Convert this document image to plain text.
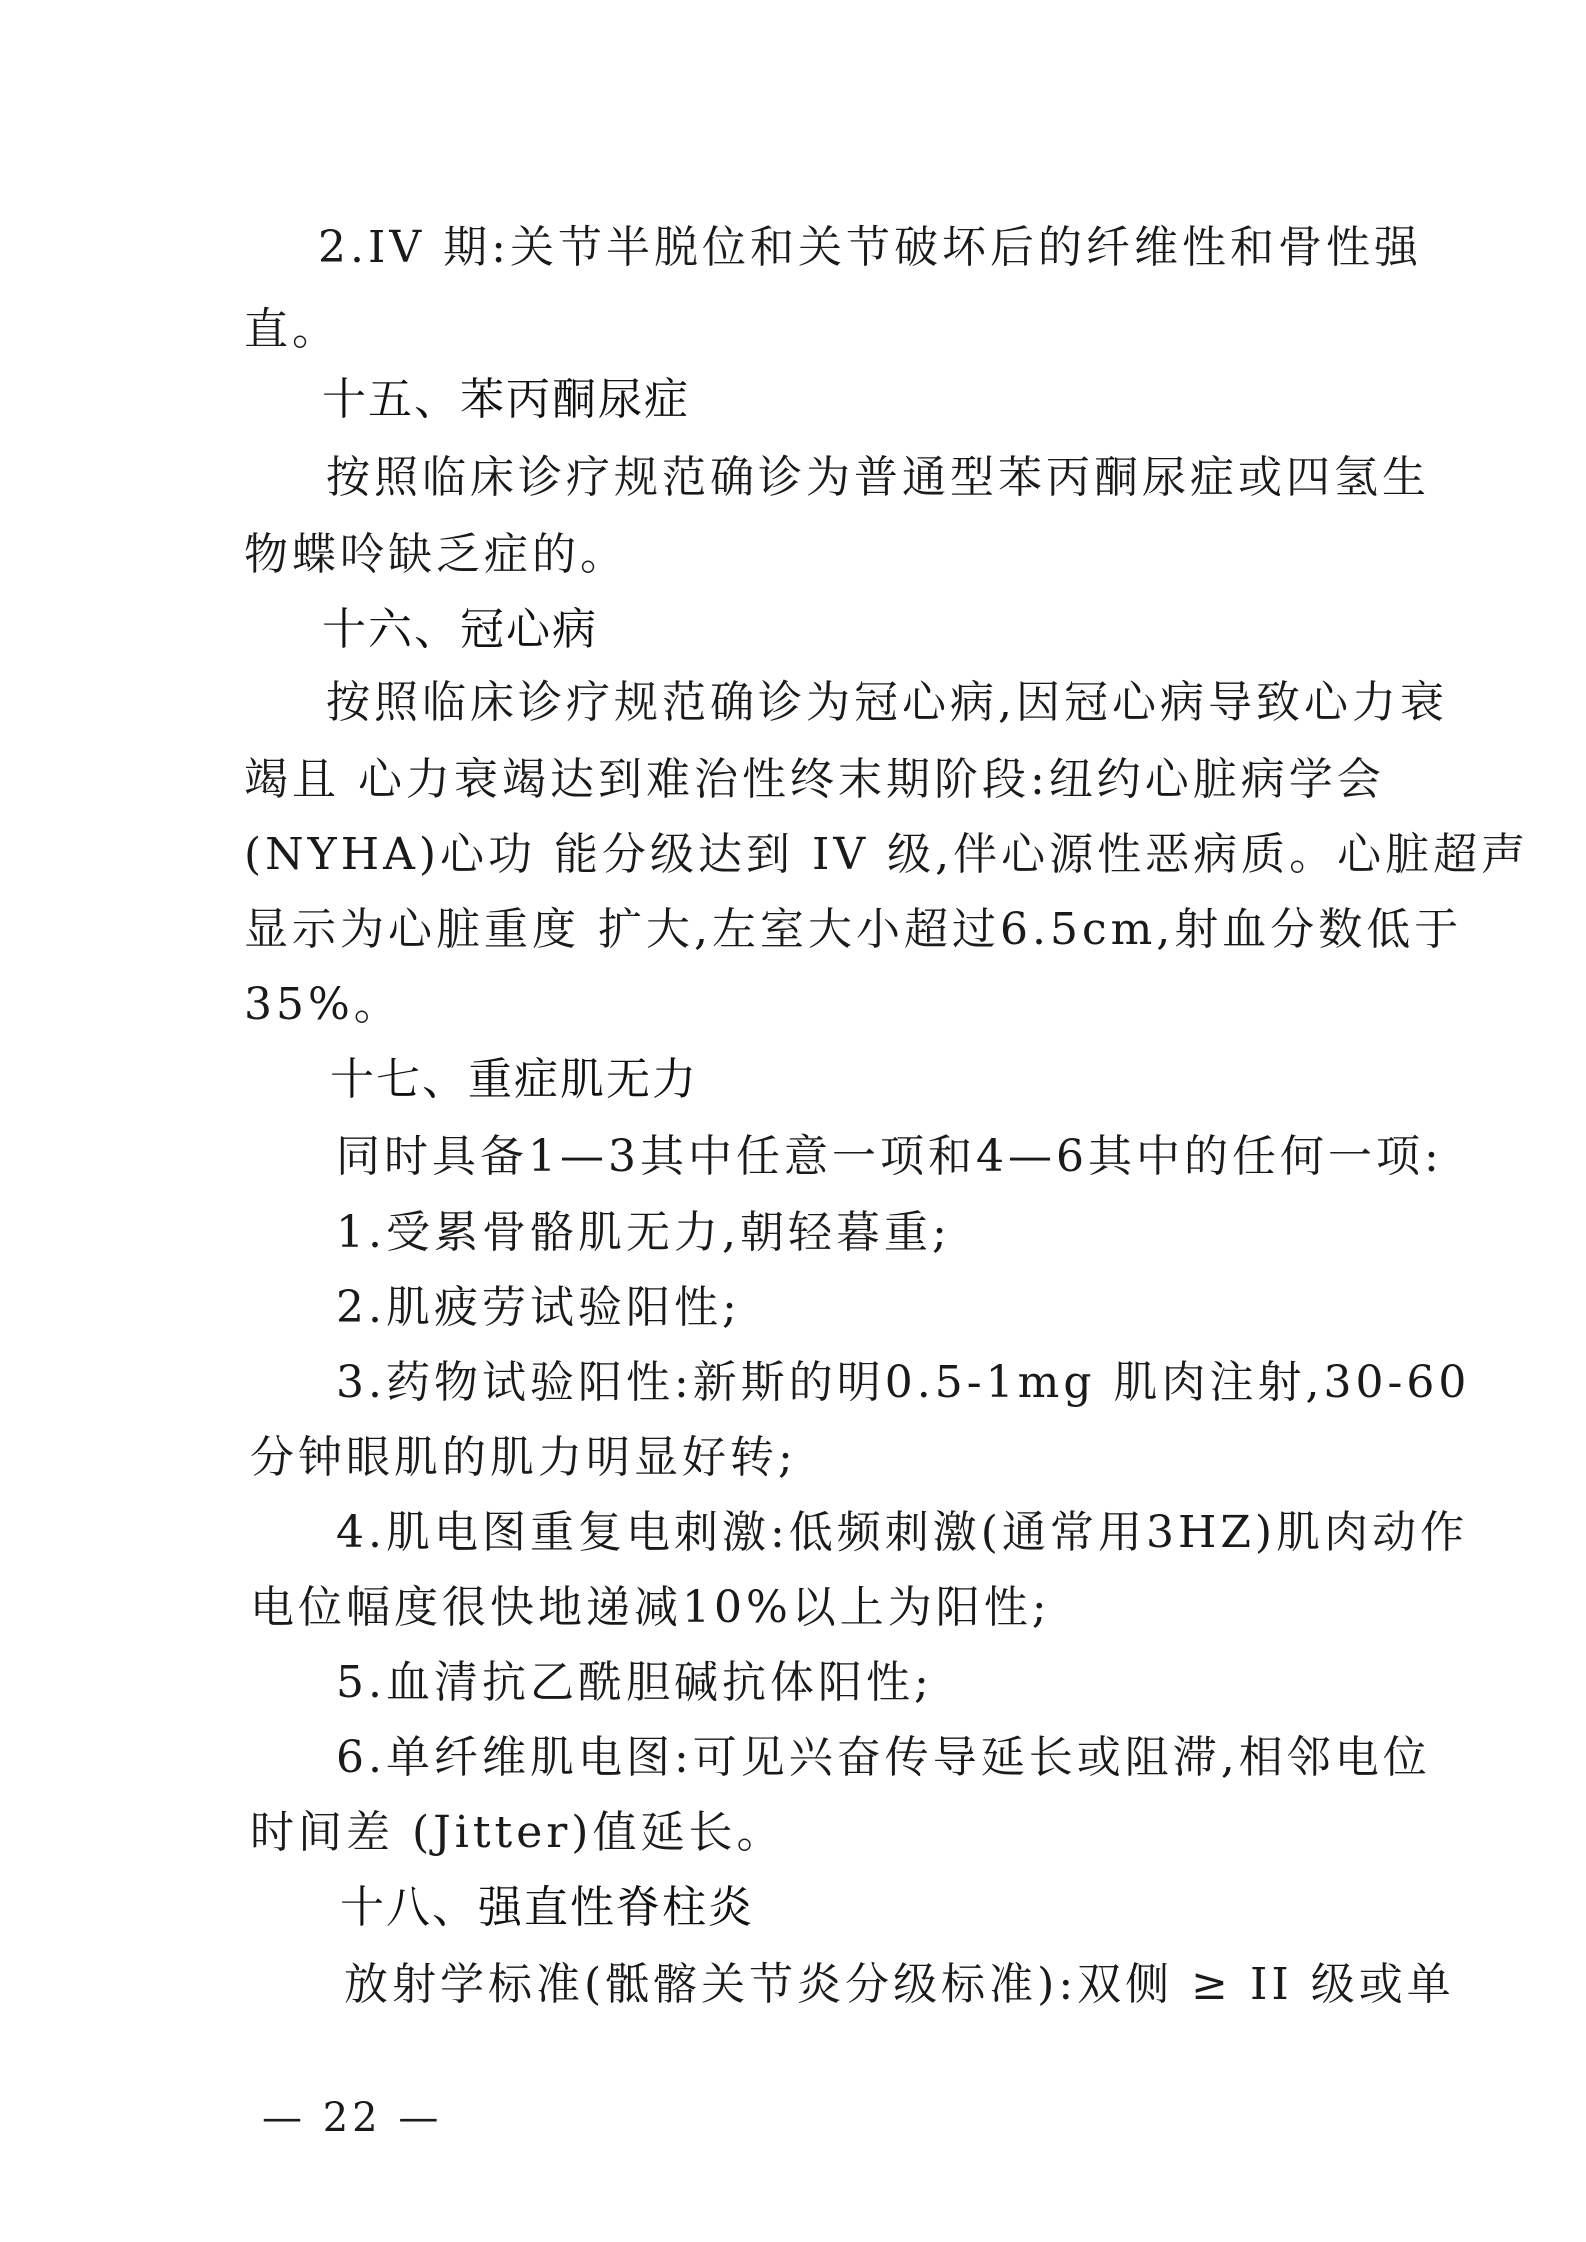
2.IV 期:关节半脱位和关节破坏后的纤维性和骨性强
直。
十五、苯丙酮尿症
按照临床诊疗规范确诊为普通型苯丙酮尿症或四氢生
物蝶呤缺乏症的。
十六、冠心病
按照临床诊疗规范确诊为冠心病,因冠心病导致心力衰
竭且 心力衰竭达到难治性终末期阶段:纽约心脏病学会
(NYHA)心功 能分级达到 IV 级,伴心源性恶病质。心脏超声
显示为心脏重度 扩大,左室大小超过6.5cm,射血分数低于
35%。
十七、重症肌无力
同时具备1—3其中任意一项和4—6其中的任何一项:
1.受累骨骼肌无力,朝轻暮重;
2.肌疲劳试验阳性;
3.药物试验阳性:新斯的明0.5-1mg 肌肉注射,30-60
分钟眼肌的肌力明显好转;
4.肌电图重复电刺激:低频刺激(通常用3HZ)肌肉动作
电位幅度很快地递减10%以上为阳性;
5.血清抗乙酰胆碱抗体阳性;
6.单纤维肌电图:可见兴奋传导延长或阻滞,相邻电位
时间差 (Jitter)值延长。
十八、强直性脊柱炎
放射学标准(骶髂关节炎分级标准):双侧 ≥ II 级或单
— 22 —
